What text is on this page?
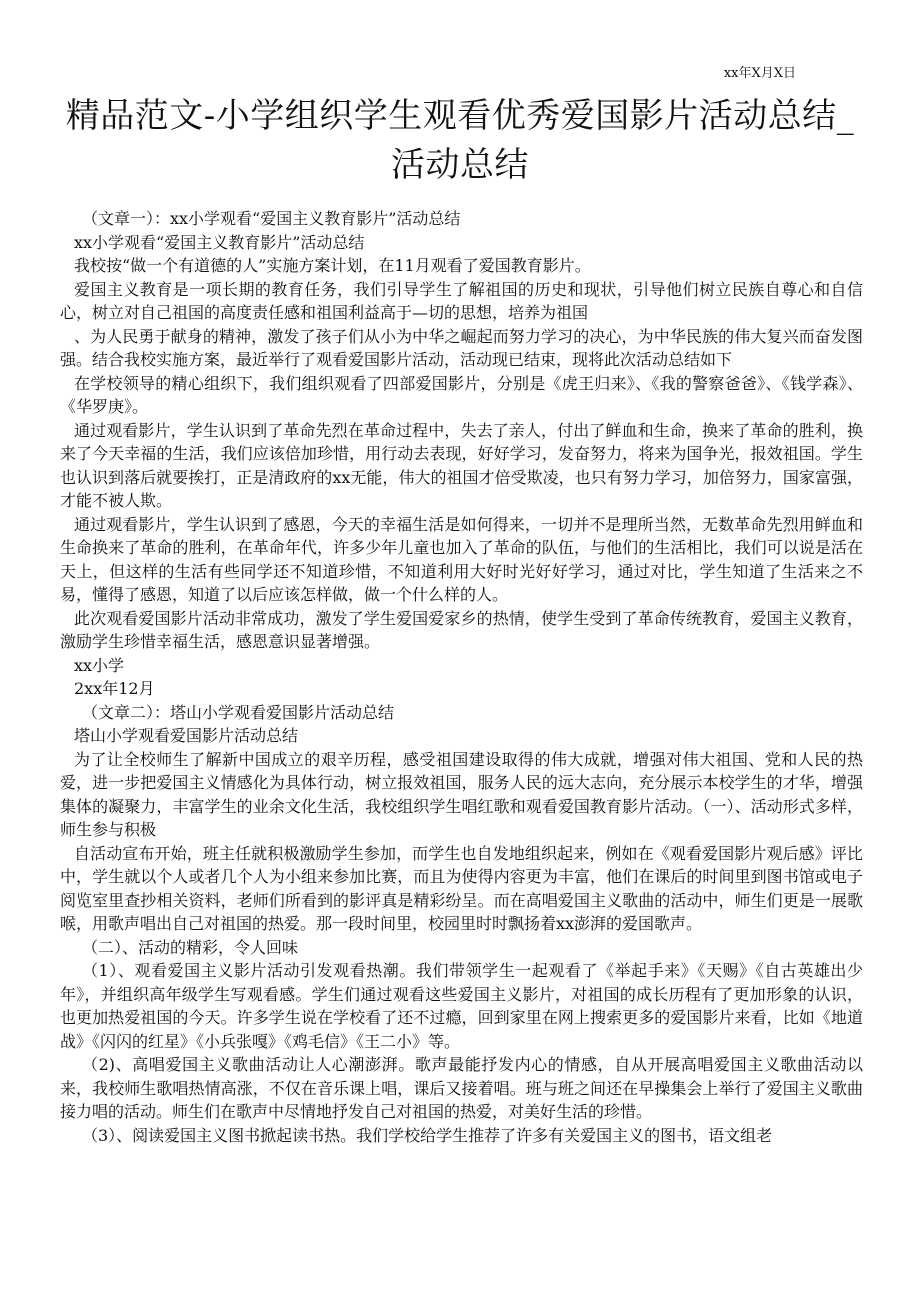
xx年X月X日
精品范文-小学组织学生观看优秀爱国影片活动总结_活动总结

（文章一）：xx小学观看“爱国主义教育影片”活动总结

xx小学观看“爱国主义教育影片”活动总结

我校按“做一个有道德的人”实施方案计划，在11月观看了爱国教育影片。

爱国主义教育是一项长期的教育任务，我们引导学生了解祖国的历史和现状，引导他们树立民族自尊心和自信心，树立对自己祖国的高度责任感和祖国利益高于—切的思想，培养为祖国

、为人民勇于献身的精神，激发了孩子们从小为中华之崛起而努力学习的决心，为中华民族的伟大复兴而奋发图强。结合我校实施方案，最近举行了观看爱国影片活动，活动现已结束，现将此次活动总结如下

在学校领导的精心组织下，我们组织观看了四部爱国影片，分别是《虎王归来》、《我的警察爸爸》、《钱学森》、《华罗庚》。

通过观看影片，学生认识到了革命先烈在革命过程中，失去了亲人，付出了鲜血和生命，换来了革命的胜利，换来了今天幸福的生活，我们应该倍加珍惜，用行动去表现，好好学习，发奋努力，将来为国争光，报效祖国。学生也认识到落后就要挨打，正是清政府的xx无能，伟大的祖国才倍受欺凌，也只有努力学习，加倍努力，国家富强，才能不被人欺。

通过观看影片，学生认识到了感恩，今天的幸福生活是如何得来，一切并不是理所当然，无数革命先烈用鲜血和生命换来了革命的胜利，在革命年代，许多少年儿童也加入了革命的队伍，与他们的生活相比，我们可以说是活在天上，但这样的生活有些同学还不知道珍惜，不知道利用大好时光好好学习，通过对比，学生知道了生活来之不易，懂得了感恩，知道了以后应该怎样做，做一个什么样的人。

此次观看爱国影片活动非常成功，激发了学生爱国爱家乡的热情，使学生受到了革命传统教育，爱国主义教育，激励学生珍惜幸福生活，感恩意识显著增强。

xx小学

2xx年12月

（文章二）：塔山小学观看爱国影片活动总结

塔山小学观看爱国影片活动总结

为了让全校师生了解新中国成立的艰辛历程，感受祖国建设取得的伟大成就，增强对伟大祖国、党和人民的热爱，进一步把爱国主义情感化为具体行动，树立报效祖国，服务人民的远大志向，充分展示本校学生的才华，增强集体的凝聚力，丰富学生的业余文化生活，我校组织学生唱红歌和观看爱国教育影片活动。（一）、活动形式多样，师生参与积极

自活动宣布开始，班主任就积极激励学生参加，而学生也自发地组织起来，例如在《观看爱国影片观后感》评比中，学生就以个人或者几个人为小组来参加比赛，而且为使得内容更为丰富，他们在课后的时间里到图书馆或电子阅览室里查抄相关资料，老师们所看到的影评真是精彩纷呈。而在高唱爱国主义歌曲的活动中，师生们更是一展歌喉，用歌声唱出自己对祖国的热爱。那一段时间里，校园里时时飘扬着xx澎湃的爱国歌声。

（二）、活动的精彩，令人回味

（1）、观看爱国主义影片活动引发观看热潮。我们带领学生一起观看了《举起手来》《天赐》《自古英雄出少年》，并组织高年级学生写观看感。学生们通过观看这些爱国主义影片，对祖国的成长历程有了更加形象的认识，也更加热爱祖国的今天。许多学生说在学校看了还不过瘾，回到家里在网上搜索更多的爱国影片来看，比如《地道战》《闪闪的红星》《小兵张嘎》《鸡毛信》《王二小》等。

（2)、高唱爱国主义歌曲活动让人心潮澎湃。歌声最能抒发内心的情感，自从开展高唱爱国主义歌曲活动以来，我校师生歌唱热情高涨，不仅在音乐课上唱，课后又接着唱。班与班之间还在早操集会上举行了爱国主义歌曲接力唱的活动。师生们在歌声中尽情地抒发自己对祖国的热爱，对美好生活的珍惜。

（3）、阅读爱国主义图书掀起读书热。我们学校给学生推荐了许多有关爱国主义的图书，语文组老
